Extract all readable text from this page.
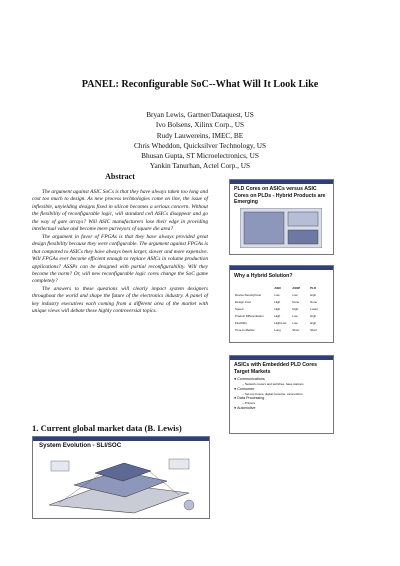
PANEL: Reconfigurable SoC--What Will It Look Like
Bryan Lewis, Gartner/Dataquest, US
Ivo Bolsens, Xilinx Corp., US
Rudy Lauwereins, IMEC, BE
Chris Wheddon, Quicksilver Technology, US
Bhusan Gupta, ST Microelectronics, US
Yankin Tanurhan, Actel Corp., US
Abstract

The argument against ASIC SoCs is that they have always taken too long and cost too much to design. As new process technologies come on line, the issue of inflexible, unyielding designs fixed in silicon becomes a serious concern. Without the flexibility of reconfigurable logic, will standard cell ASICs disappear and go the way of gate arrays? Will ASIC manufacturers lose their edge in providing intellectual value and become mere purveyors of square die area?

The argument in favor of FPGAs is that they have always provided great design flexibility because they were configurable. The argument against FPGAs is that compared to ASICs they have always been larger, slower and more expensive. Will FPGAs ever become efficient enough to replace ASICs in volume production applications? ASSPs can be designed with partial reconfigurability. Will they become the norm? Or, will new reconfigurable logic cores change the SoC game completely?

The answers to these questions will clearly impact system designers throughout the world and shape the future of the electronics industry. A panel of key industry executives each coming from a different area of the market with unique views will debate these highly controversial topics.

1. Current global market data (B. Lewis)
PLD Cores on ASICs versus ASIC Cores on PLDs - Hybrid Products are Emerging
Why a Hybrid Solution?
ASIC	ASSP	PLD
Device Density/Cost	Low	Low	High
Design Cost	High	None	None
Speed	High	High	Lower
Product Differentiation	High	Low	High
Flexibility	High/Low	Low	High
Time-to-Market	Long	Short	Short
ASICs with Embedded PLD Cores Target Markets
● Communications
-- Network routers and switches, base stations
● Consumer
-- Set-top boxes, digital cameras, camcorders
● Data Processing
-- Printers
● Automotive
System Evolution - SLI/SOC
